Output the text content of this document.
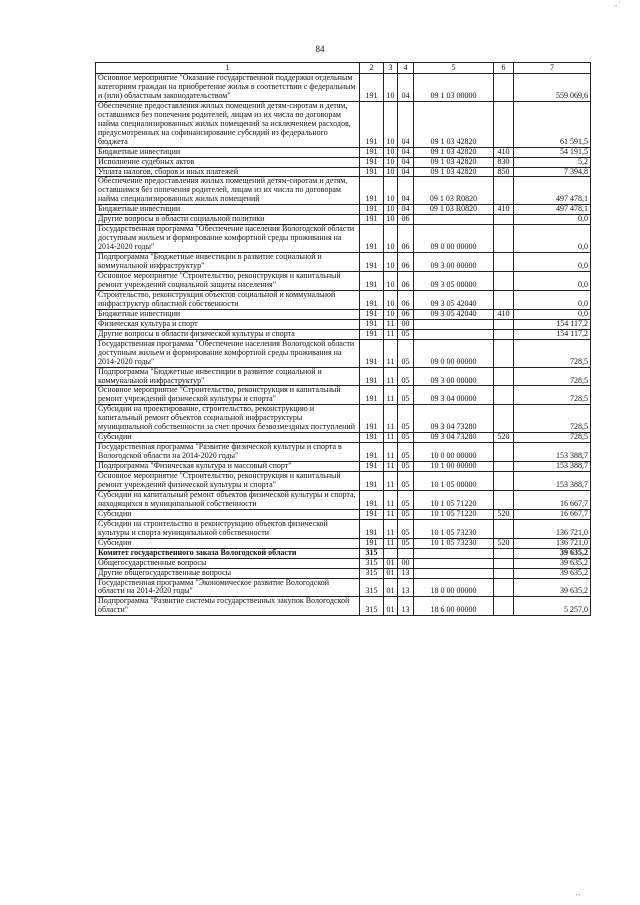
„ '
84
1	2	3	4	5	6	7
Основное мероприятие "Оказание государственной поддержки отдельным категориям граждан на приобретение жилья в соответствии с федеральным и (или) областным законодательством"	191	10	04	09 1 03 00000		559 069,6
Обеспечение предоставления жилых помещений детям-сиротам и детям, оставшимся без попечения родителей, лицам из их числа по договорам найма специализированных жилых помещений за исключением расходов, предусмотренных на софинансирование субсидий из федерального бюджета	191	10	04	09 1 03 42820		61 591,5
Бюджетные инвестиции	191	10	04	09 1 03 42820	410	54 191,5
Исполнение судебных актов	191	10	04	09 1 03 42820	830	5,2
Уплата налогов, сборов и иных платежей	191	10	04	09 1 03 42820	850	7 394,8
Обеспечение предоставления жилых помещений детям-сиротам и детям, оставшимся без попечения родителей, лицам из их числа по договорам найма специализированных жилых помещений	191	10	04	09 1 03 R0820		497 478,1
Бюджетные инвестиции	191	10	04	09 1 03 R0820	410	497 478,1
Другие вопросы в области социальной политики	191	10	06			0,0
Государственная программа "Обеспечение населения Вологодской области доступным жильем и формирование комфортной среды проживания на 2014-2020 годы"	191	10	06	09 0 00 00000		0,0
Подпрограмма "Бюджетные инвестиции в развитие социальной и коммунальной инфраструктур"	191	10	06	09 3 00 00000		0,0
Основное мероприятие "Строительство, реконструкция и капитальный ремонт учреждений социальной защиты населения"	191	10	06	09 3 05 00000		0,0
Строительство, реконструкция объектов социальной и коммунальной инфраструктур областной собственности	191	10	06	09 3 05 42040		0,0
Бюджетные инвестиции	191	10	06	09 3 05 42040	410	0,0
Физическая культура и спорт	191	11	00			154 117,2
Другие вопросы в области физической культуры и спорта	191	11	05			154 117,2
Государственная программа "Обеспечение населения Вологодской области доступным жильем и формирование комфортной среды проживания на 2014-2020 годы"	191	11	05	09 0 00 00000		728,5
Подпрограмма "Бюджетные инвестиции в развитие социальной и коммунальной инфраструктур"	191	11	05	09 3 00 00000		728,5
Основное мероприятие "Строительство, реконструкция и капитальный ремонт учреждений физической культуры и спорта"	191	11	05	09 3 04 00000		728,5
Субсидии на проектирование, строительство, реконструкцию и капитальный ремонт объектов социальной инфраструктуры муниципальной собственности за счет прочих безвозмездных поступлений	191	11	05	09 3 04 73280		728,5
Субсидии	191	11	05	09 3 04 73280	520	728,5
Государственная программа "Развитие физической культуры и спорта в Вологодской области на 2014-2020 годы"	191	11	05	10 0 00 00000		153 388,7
Подпрограмма "Физическая культура и массовый спорт"	191	11	05	10 1 00 00000		153 388,7
Основное мероприятие "Строительство, реконструкция и капитальный ремонт учреждений физической культуры и спорта"	191	11	05	10 1 05 00000		153 388,7
Субсидии на капитальный ремонт объектов физической культуры и спорта, находящихся в муниципальной собственности	191	11	05	10 1 05 71220		16 667,7
Субсидии	191	11	05	10 1 05 71220	520	16 667,7
Субсидии на строительство и реконструкцию объектов физической культуры и спорта муниципальной собственности	191	11	05	10 1 05 73230		136 721,0
Субсидии	191	11	05	10 1 05 73230	520	136 721,0
Комитет государственного заказа Вологодской области	315					39 635,2
Общегосударственные вопросы	315	01	00			39 635,2
Другие общегосударственные вопросы	315	01	13			39 635,2
Государственная программа "Экономическое развитие Вологодской области на 2014-2020 годы"	315	01	13	18 0 00 00000		39 635,2
Подпрограмма "Развитие системы государственных закупок Вологодской области"	315	01	13	18 6 00 00000		5 257,0
' '
